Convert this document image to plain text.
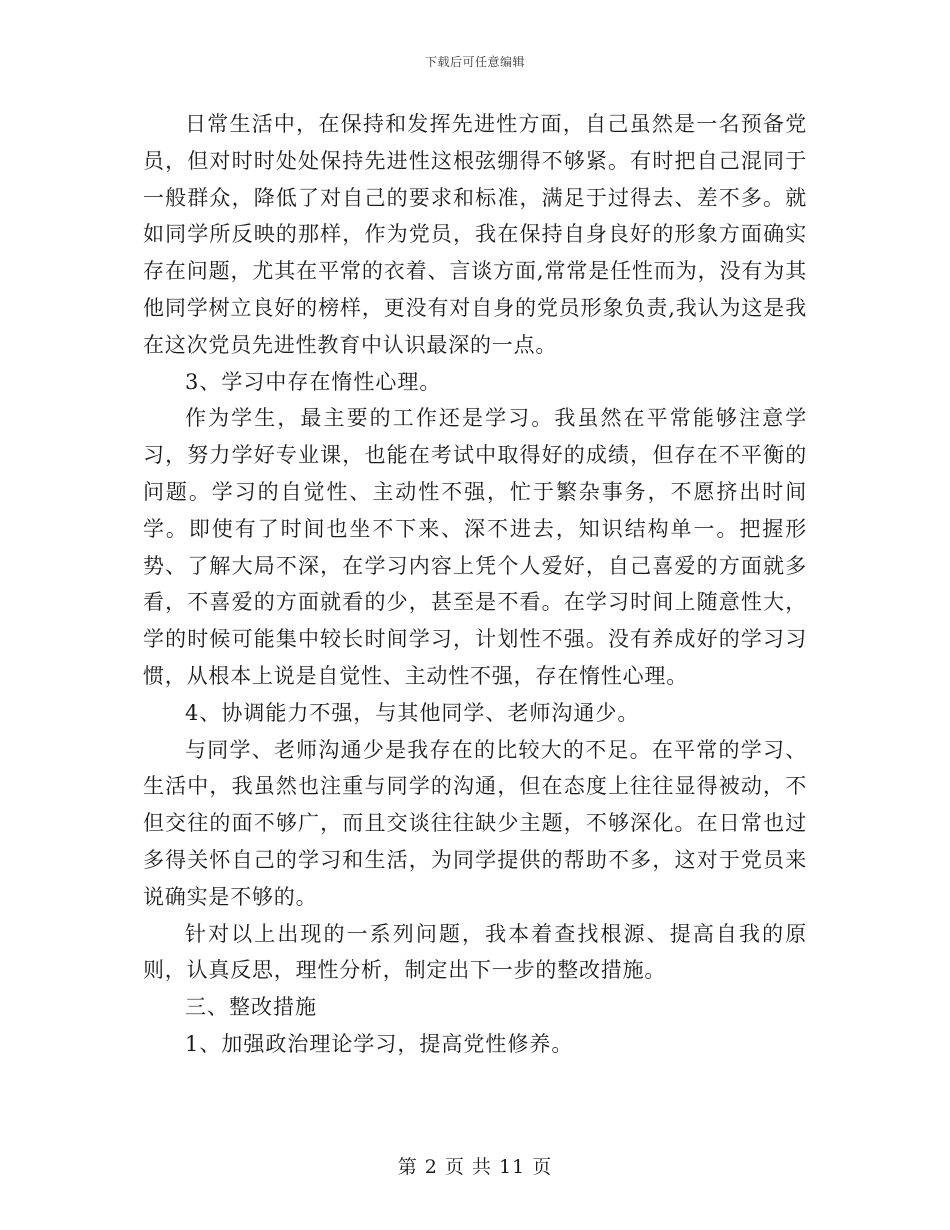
下载后可任意编辑

日常生活中，在保持和发挥先进性方面，自己虽然是一名预备党员，但对时时处处保持先进性这根弦绷得不够紧。有时把自己混同于一般群众，降低了对自己的要求和标准，满足于过得去、差不多。就如同学所反映的那样，作为党员，我在保持自身良好的形象方面确实存在问题，尤其在平常的衣着、言谈方面,常常是任性而为，没有为其他同学树立良好的榜样，更没有对自身的党员形象负责,我认为这是我在这次党员先进性教育中认识最深的一点。

3、学习中存在惰性心理。

作为学生，最主要的工作还是学习。我虽然在平常能够注意学习，努力学好专业课，也能在考试中取得好的成绩，但存在不平衡的问题。学习的自觉性、主动性不强，忙于繁杂事务，不愿挤出时间学。即使有了时间也坐不下来、深不进去，知识结构单一。把握形势、了解大局不深，在学习内容上凭个人爱好，自己喜爱的方面就多看，不喜爱的方面就看的少，甚至是不看。在学习时间上随意性大，学的时候可能集中较长时间学习，计划性不强。没有养成好的学习习惯，从根本上说是自觉性、主动性不强，存在惰性心理。

4、协调能力不强，与其他同学、老师沟通少。

与同学、老师沟通少是我存在的比较大的不足。在平常的学习、生活中，我虽然也注重与同学的沟通，但在态度上往往显得被动，不但交往的面不够广，而且交谈往往缺少主题，不够深化。在日常也过多得关怀自己的学习和生活，为同学提供的帮助不多，这对于党员来说确实是不够的。

针对以上出现的一系列问题，我本着查找根源、提高自我的原则，认真反思，理性分析，制定出下一步的整改措施。

三、整改措施

1、加强政治理论学习，提高党性修养。

第 2 页 共 11 页
